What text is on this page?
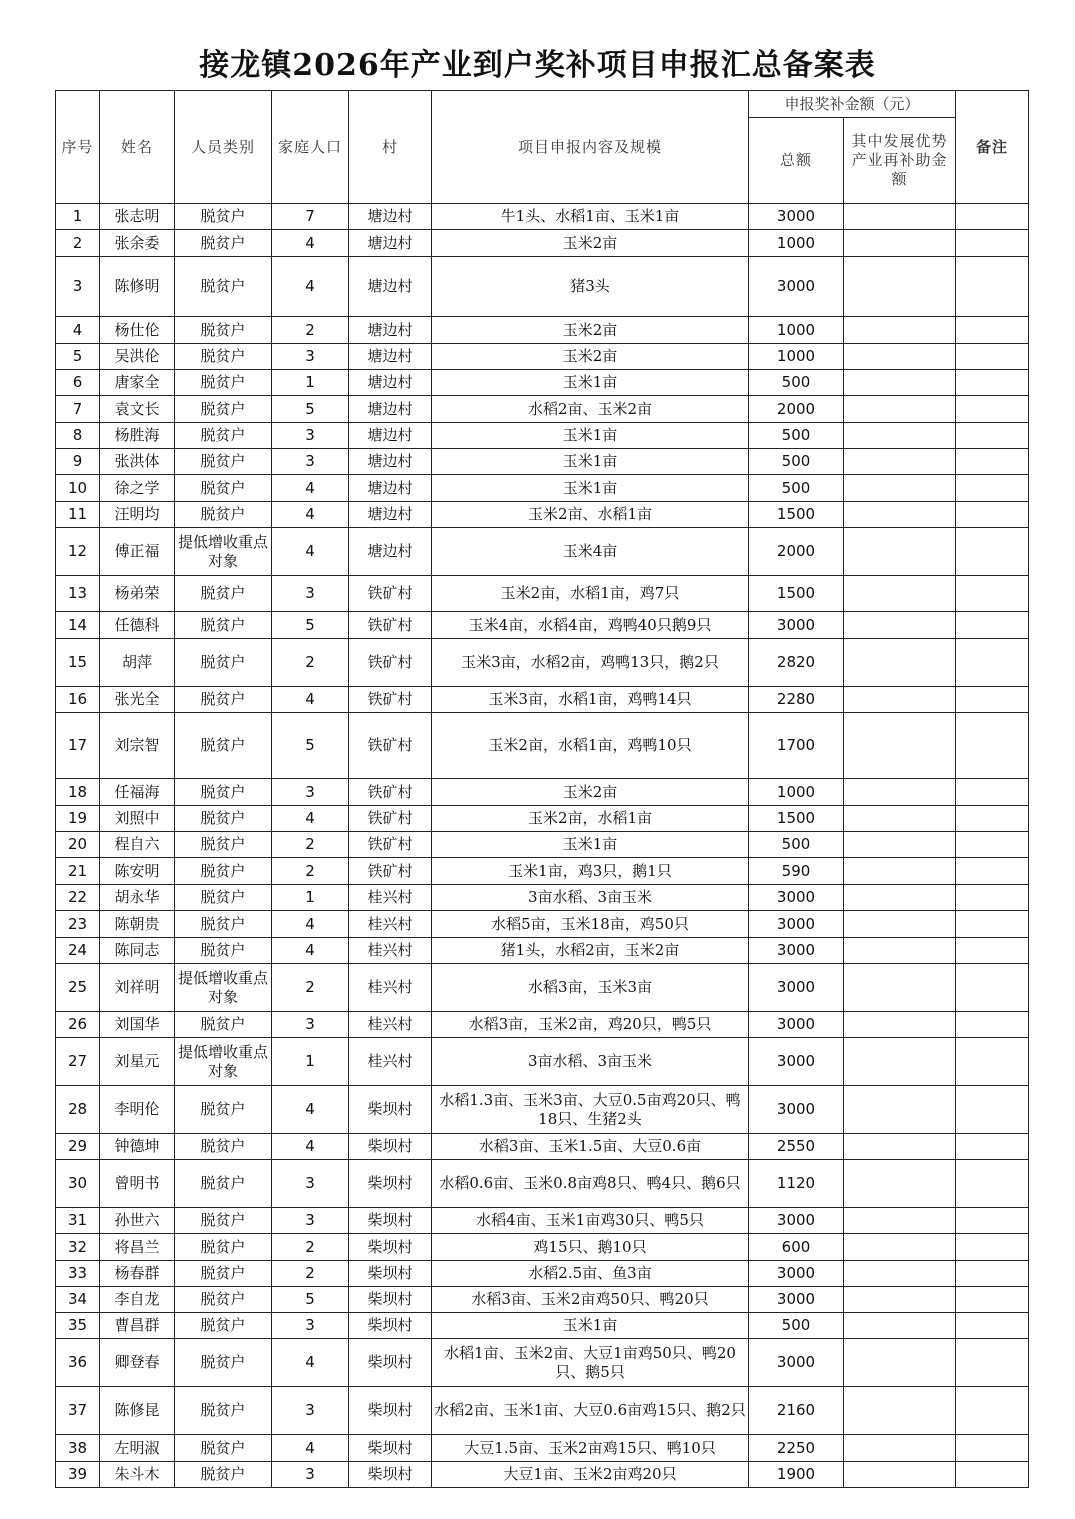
接龙镇2026年产业到户奖补项目申报汇总备案表
序号	姓名	人员类别	家庭人口	村	项目申报内容及规模	申报奖补金额（元）		备注
						总额	其中发展优势产业再补助金额	
1	张志明	脱贫户	7	塘边村	牛1头、水稻1亩、玉米1亩	3000		
2	张余委	脱贫户	4	塘边村	玉米2亩	1000		
3	陈修明	脱贫户	4	塘边村	猪3头	3000		
4	杨仕伦	脱贫户	2	塘边村	玉米2亩	1000		
5	吴洪伦	脱贫户	3	塘边村	玉米2亩	1000		
6	唐家全	脱贫户	1	塘边村	玉米1亩	500		
7	袁文长	脱贫户	5	塘边村	水稻2亩、玉米2亩	2000		
8	杨胜海	脱贫户	3	塘边村	玉米1亩	500		
9	张洪体	脱贫户	3	塘边村	玉米1亩	500		
10	徐之学	脱贫户	4	塘边村	玉米1亩	500		
11	汪明均	脱贫户	4	塘边村	玉米2亩、水稻1亩	1500		
12	傅正福	提低增收重点对象	4	塘边村	玉米4亩	2000		
13	杨弟荣	脱贫户	3	铁矿村	玉米2亩，水稻1亩，鸡7只	1500		
14	任德科	脱贫户	5	铁矿村	玉米4亩，水稻4亩，鸡鸭40只鹅9只	3000		
15	胡萍	脱贫户	2	铁矿村	玉米3亩，水稻2亩，鸡鸭13只，鹅2只	2820		
16	张光全	脱贫户	4	铁矿村	玉米3亩，水稻1亩，鸡鸭14只	2280		
17	刘宗智	脱贫户	5	铁矿村	玉米2亩，水稻1亩，鸡鸭10只	1700		
18	任福海	脱贫户	3	铁矿村	玉米2亩	1000		
19	刘照中	脱贫户	4	铁矿村	玉米2亩，水稻1亩	1500		
20	程自六	脱贫户	2	铁矿村	玉米1亩	500		
21	陈安明	脱贫户	2	铁矿村	玉米1亩，鸡3只，鹅1只	590		
22	胡永华	脱贫户	1	桂兴村	3亩水稻、3亩玉米	3000		
23	陈朝贵	脱贫户	4	桂兴村	水稻5亩，玉米18亩，鸡50只	3000		
24	陈同志	脱贫户	4	桂兴村	猪1头，水稻2亩，玉米2亩	3000		
25	刘祥明	提低增收重点对象	2	桂兴村	水稻3亩，玉米3亩	3000		
26	刘国华	脱贫户	3	桂兴村	水稻3亩，玉米2亩，鸡20只，鸭5只	3000		
27	刘星元	提低增收重点对象	1	桂兴村	3亩水稻、3亩玉米	3000		
28	李明伦	脱贫户	4	柴坝村	水稻1.3亩、玉米3亩、大豆0.5亩鸡20只、鸭18只、生猪2头	3000		
29	钟德坤	脱贫户	4	柴坝村	水稻3亩、玉米1.5亩、大豆0.6亩	2550		
30	曾明书	脱贫户	3	柴坝村	水稻0.6亩、玉米0.8亩鸡8只、鸭4只、鹅6只	1120		
31	孙世六	脱贫户	3	柴坝村	水稻4亩、玉米1亩鸡30只、鸭5只	3000		
32	将昌兰	脱贫户	2	柴坝村	鸡15只、鹅10只	600		
33	杨春群	脱贫户	2	柴坝村	水稻2.5亩、鱼3亩	3000		
34	李自龙	脱贫户	5	柴坝村	水稻3亩、玉米2亩鸡50只、鸭20只	3000		
35	曹昌群	脱贫户	3	柴坝村	玉米1亩	500		
36	卿登春	脱贫户	4	柴坝村	水稻1亩、玉米2亩、大豆1亩鸡50只、鸭20只、鹅5只	3000		
37	陈修昆	脱贫户	3	柴坝村	水稻2亩、玉米1亩、大豆0.6亩鸡15只、鹅2只	2160		
38	左明淑	脱贫户	4	柴坝村	大豆1.5亩、玉米2亩鸡15只、鸭10只	2250		
39	朱斗木	脱贫户	3	柴坝村	大豆1亩、玉米2亩鸡20只	1900		
